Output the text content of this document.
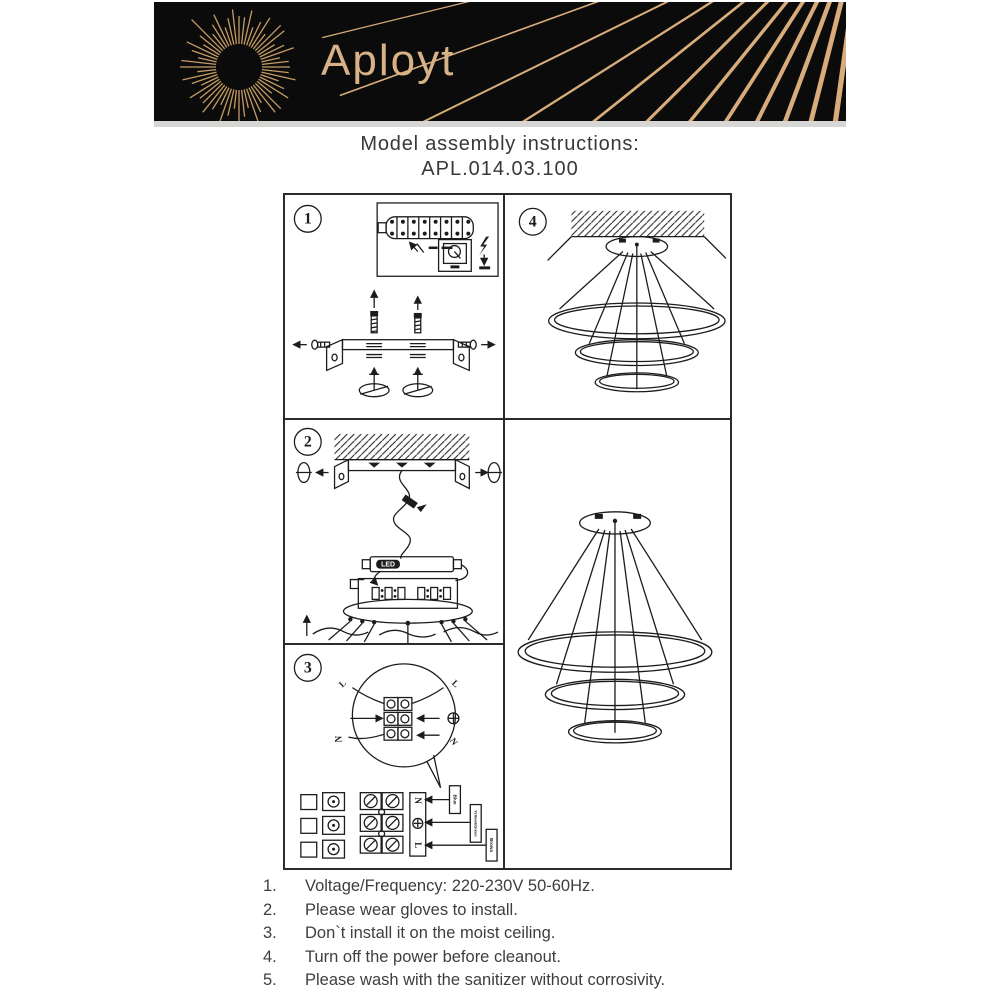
Aployt
Model assembly instructions:
APL.014.03.100
1	4
2
LED
3
L	L
N	N
N
L
Blue
Yellow&Green
Brown
1.	Voltage/Frequency: 220-230V 50-60Hz.
2.	Please wear gloves to install.
3.	Don`t install it on the moist ceiling.
4.	Turn off the power before cleanout.
5.	Please wash with the sanitizer without corrosivity.
